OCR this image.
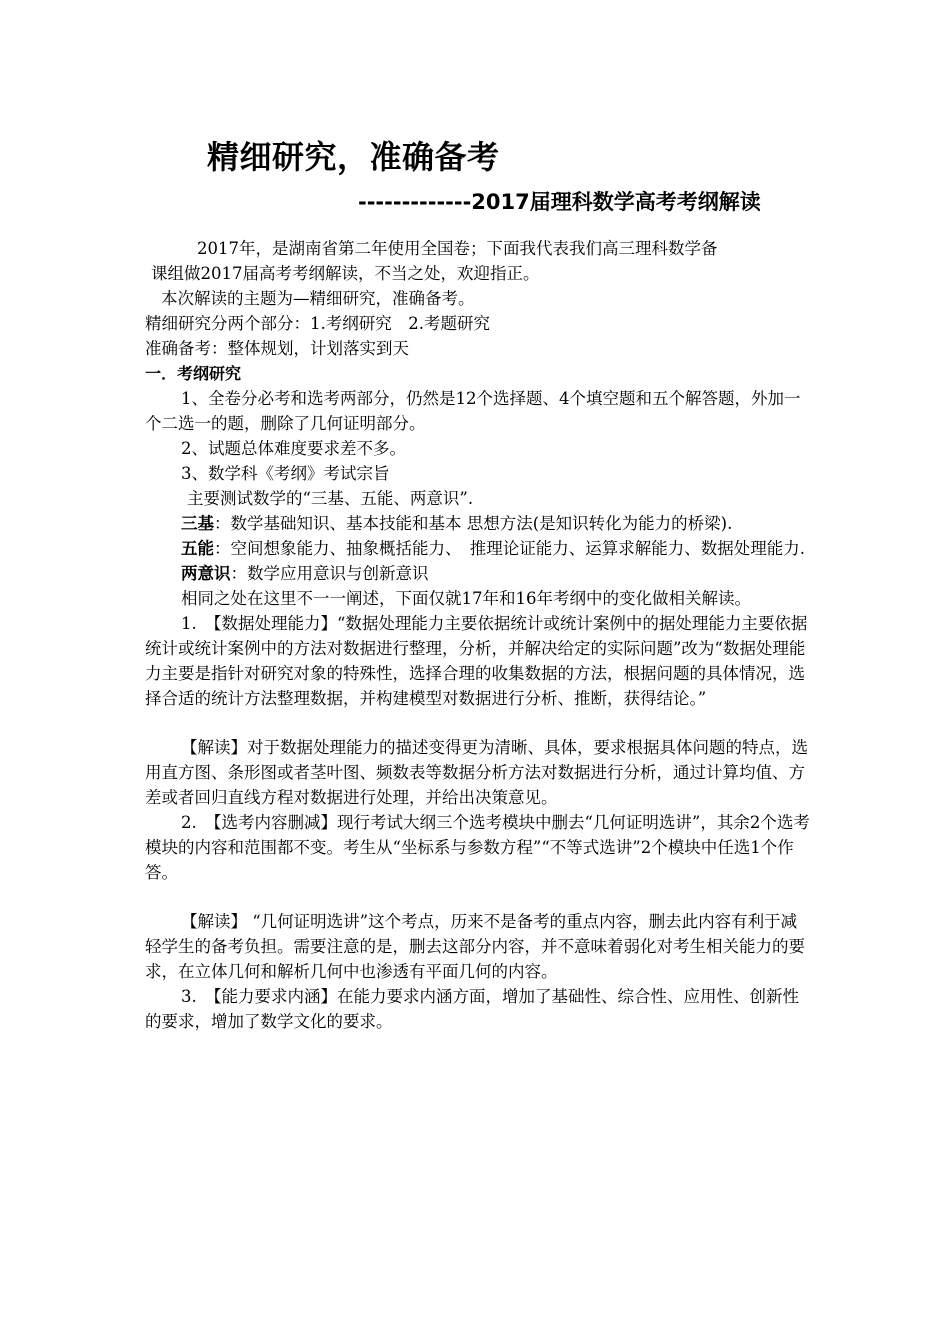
精细研究，准确备考
-------------2017届理科数学高考考纲解读

2017年，是湖南省第二年使用全国卷；下面我代表我们高三理科数学备

课组做2017届高考考纲解读，不当之处，欢迎指正。

本次解读的主题为—精细研究，准确备考。

精细研究分两个部分：1.考纲研究　2.考题研究

准确备考：整体规划，计划落实到天

一．考纲研究

1、全卷分必考和选考两部分，仍然是12个选择题、4个填空题和五个解答题，外加一个二选一的题，删除了几何证明部分。

2、试题总体难度要求差不多。

3、数学科《考纲》考试宗旨

主要测试数学的“三基、五能、两意识”.

三基：数学基础知识、基本技能和基本 思想方法(是知识转化为能力的桥梁).

五能：空间想象能力、抽象概括能力、　推理论证能力、运算求解能力、数据处理能力.

两意识：数学应用意识与创新意识

相同之处在这里不一一阐述，下面仅就17年和16年考纲中的变化做相关解读。

1.　【数据处理能力】“数据处理能力主要依据统计或统计案例中的据处理能力主要依据统计或统计案例中的方法对数据进行整理，分析，并解决给定的实际问题”改为“数据处理能力主要是指针对研究对象的特殊性，选择合理的收集数据的方法，根据问题的具体情况，选择合适的统计方法整理数据，并构建模型对数据进行分析、推断，获得结论。”

【解读】对于数据处理能力的描述变得更为清晰、具体，要求根据具体问题的特点，选用直方图、条形图或者茎叶图、频数表等数据分析方法对数据进行分析，通过计算均值、方差或者回归直线方程对数据进行处理，并给出决策意见。

2.　【选考内容删减】现行考试大纲三个选考模块中删去“几何证明选讲”，其余2个选考模块的内容和范围都不变。考生从“坐标系与参数方程”“不等式选讲”2个模块中任选1个作答。

【解读】 “几何证明选讲”这个考点，历来不是备考的重点内容，删去此内容有利于减轻学生的备考负担。需要注意的是，删去这部分内容，并不意味着弱化对考生相关能力的要求，在立体几何和解析几何中也渗透有平面几何的内容。

3.　【能力要求内涵】在能力要求内涵方面，增加了基础性、综合性、应用性、创新性的要求，增加了数学文化的要求。
